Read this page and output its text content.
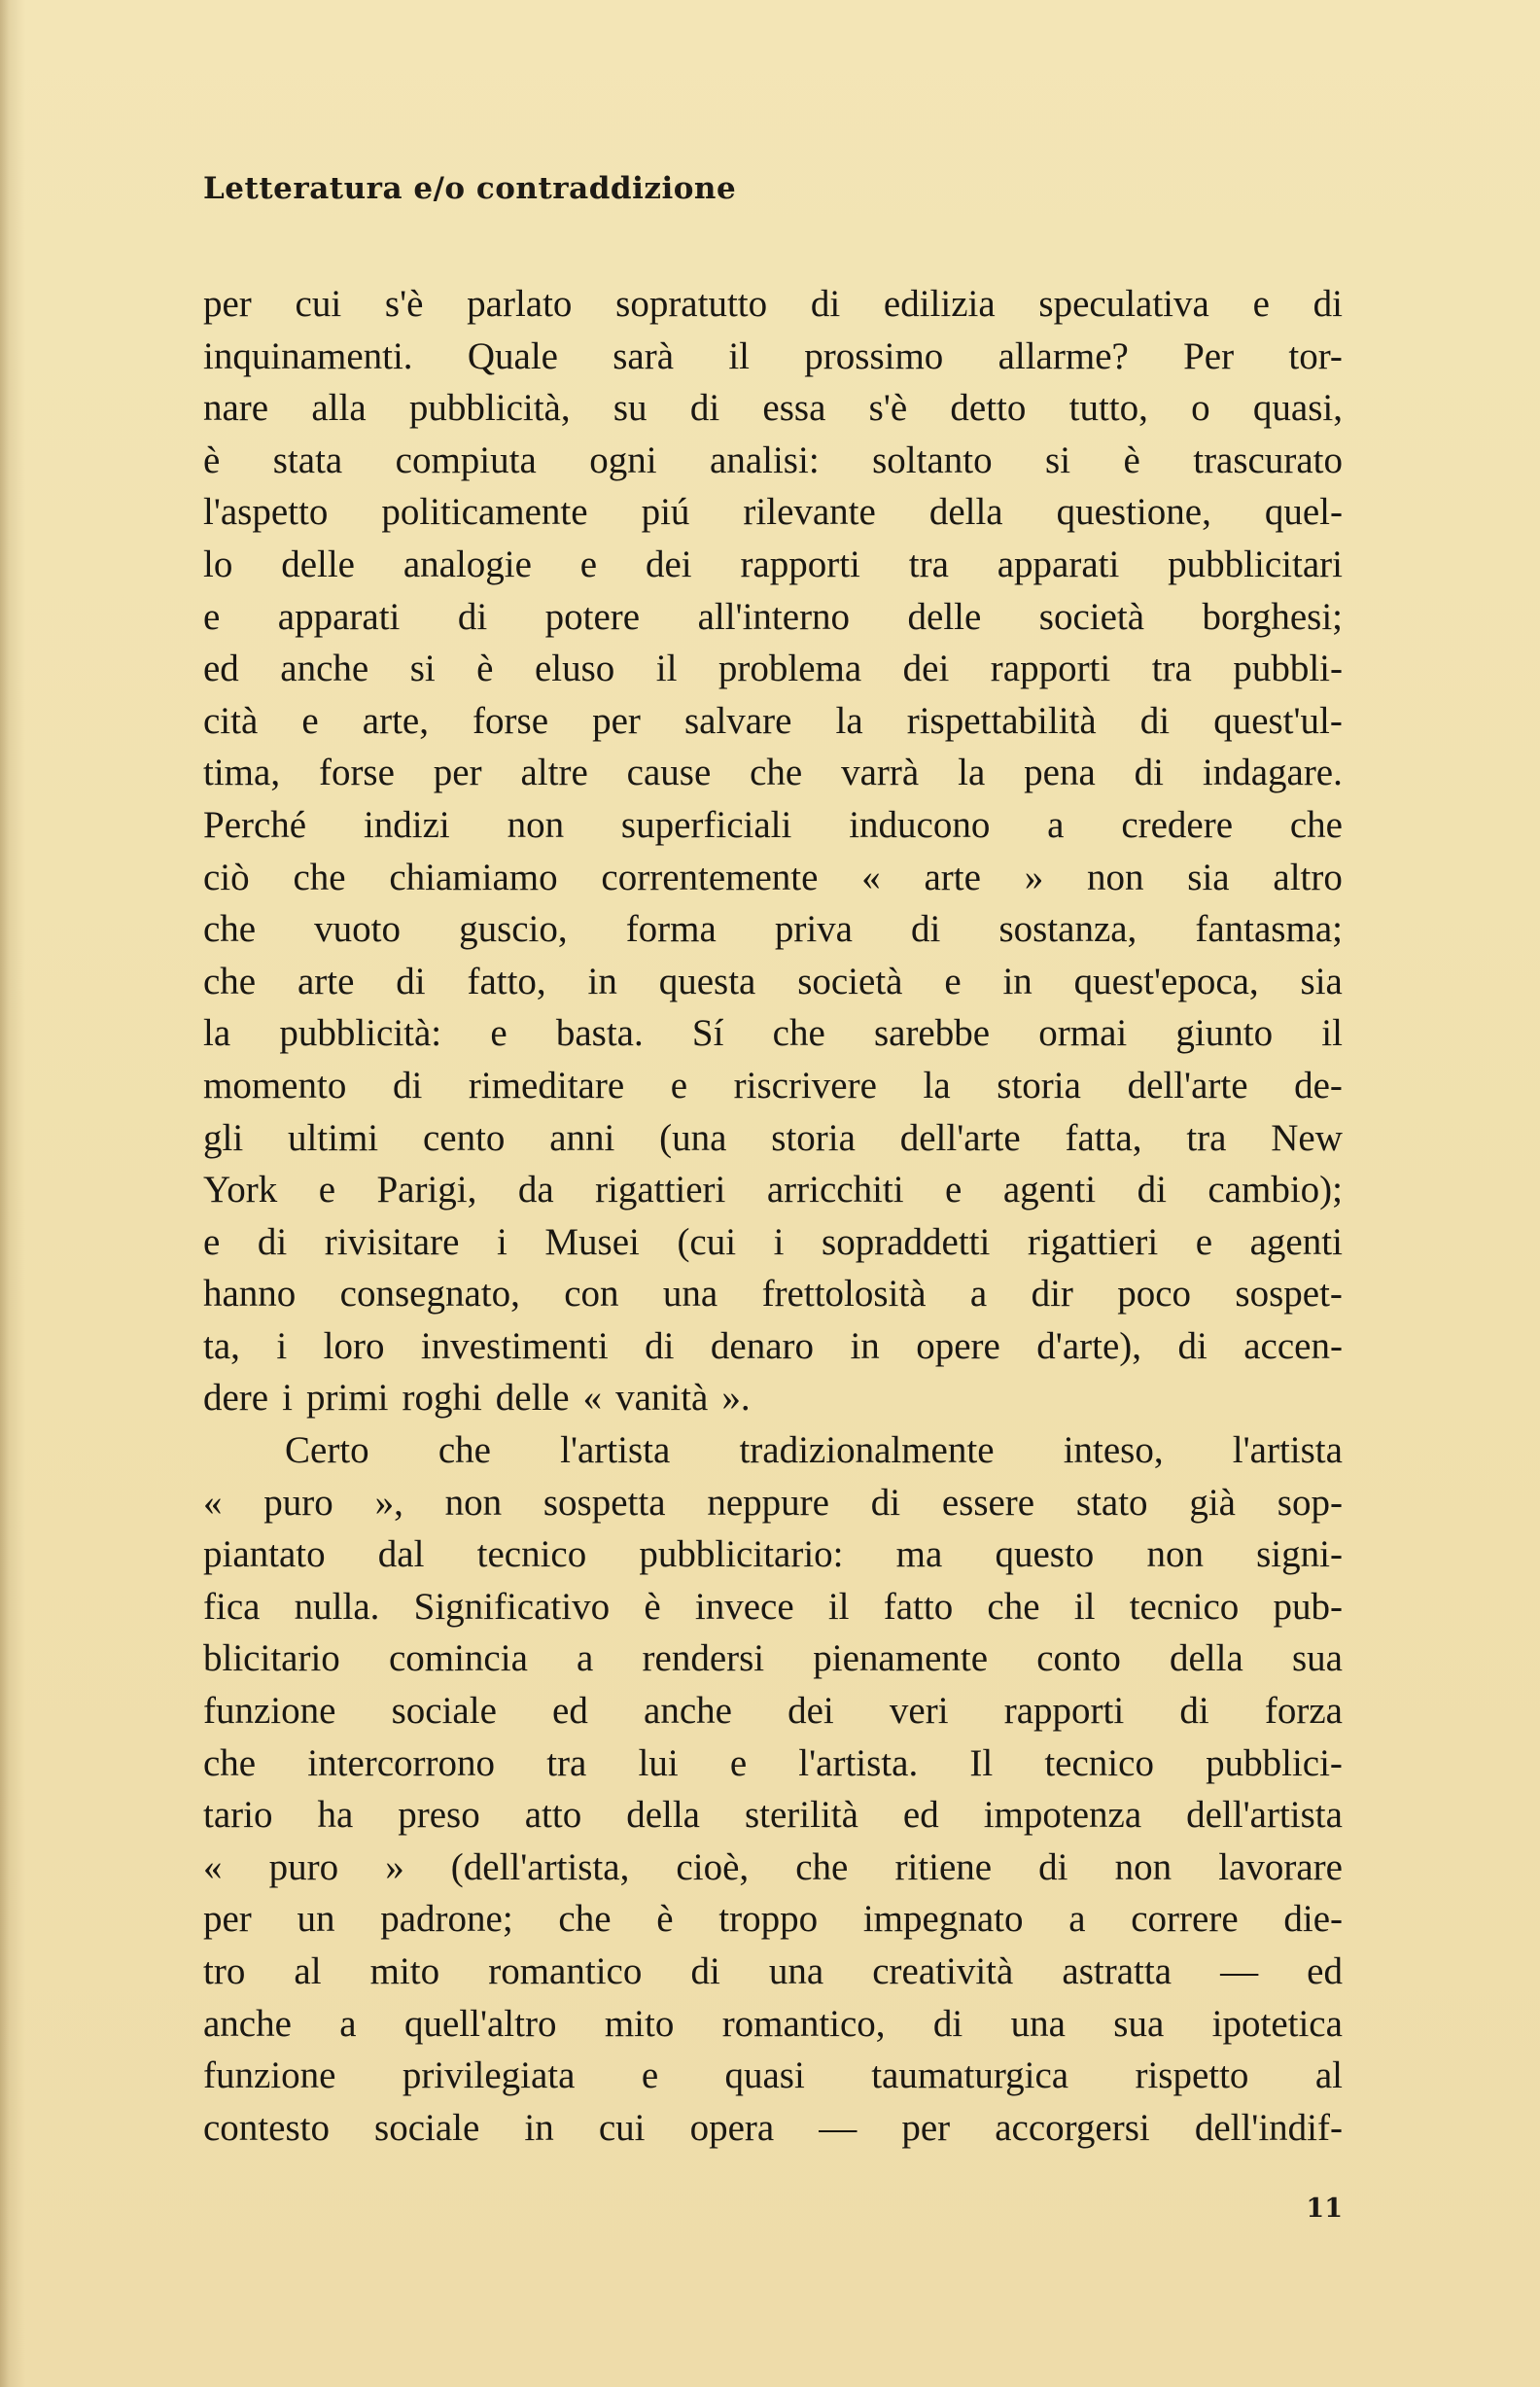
Letteratura e/o contraddizione
per cui s'è parlato sopratutto di edilizia speculativa e di
inquinamenti. Quale sarà il prossimo allarme? Per tor-
nare alla pubblicità, su di essa s'è detto tutto, o quasi,
è stata compiuta ogni analisi: soltanto si è trascurato
l'aspetto politicamente piú rilevante della questione, quel-
lo delle analogie e dei rapporti tra apparati pubblicitari
e apparati di potere all'interno delle società borghesi;
ed anche si è eluso il problema dei rapporti tra pubbli-
cità e arte, forse per salvare la rispettabilità di quest'ul-
tima, forse per altre cause che varrà la pena di indagare.
Perché indizi non superficiali inducono a credere che
ciò che chiamiamo correntemente « arte » non sia altro
che vuoto guscio, forma priva di sostanza, fantasma;
che arte di fatto, in questa società e in quest'epoca, sia
la pubblicità: e basta. Sí che sarebbe ormai giunto il
momento di rimeditare e riscrivere la storia dell'arte de-
gli ultimi cento anni (una storia dell'arte fatta, tra New
York e Parigi, da rigattieri arricchiti e agenti di cambio);
e di rivisitare i Musei (cui i sopraddetti rigattieri e agenti
hanno consegnato, con una frettolosità a dir poco sospet-
ta, i loro investimenti di denaro in opere d'arte), di accen-
dere i primi roghi delle « vanità ».
Certo che l'artista tradizionalmente inteso, l'artista
« puro », non sospetta neppure di essere stato già sop-
piantato dal tecnico pubblicitario: ma questo non signi-
fica nulla. Significativo è invece il fatto che il tecnico pub-
blicitario comincia a rendersi pienamente conto della sua
funzione sociale ed anche dei veri rapporti di forza
che intercorrono tra lui e l'artista. Il tecnico pubblici-
tario ha preso atto della sterilità ed impotenza dell'artista
« puro » (dell'artista, cioè, che ritiene di non lavorare
per un padrone; che è troppo impegnato a correre die-
tro al mito romantico di una creatività astratta — ed
anche a quell'altro mito romantico, di una sua ipotetica
funzione privilegiata e quasi taumaturgica rispetto al
contesto sociale in cui opera — per accorgersi dell'indif-
11
